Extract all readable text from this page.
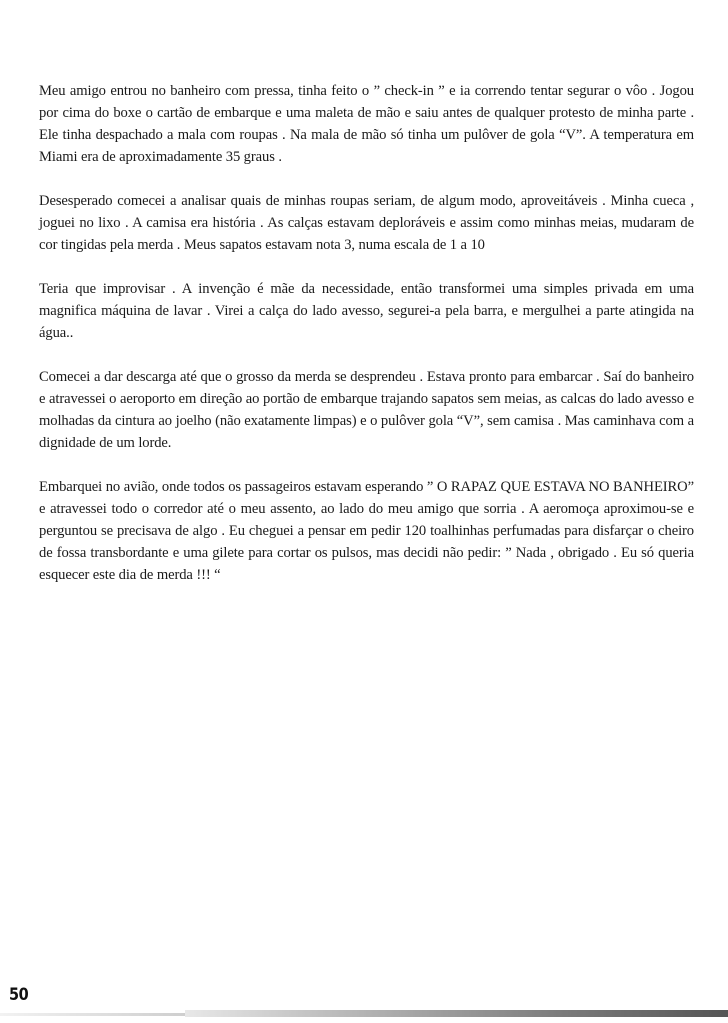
Meu amigo entrou no banheiro com pressa, tinha feito o ” check-in ” e ia correndo tentar segurar o vôo . Jogou por cima do boxe o cartão de embarque e uma maleta de mão e saiu antes de qualquer protesto de minha parte . Ele tinha despachado a mala com roupas . Na mala de mão só tinha um pulôver de gola “V”. A temperatura em Miami era de aproximadamente 35 graus .

Desesperado comecei a analisar quais de minhas roupas seriam, de algum modo, aproveitáveis . Minha cueca , joguei no lixo . A camisa era história . As calças estavam deploráveis e assim como minhas meias, mudaram de cor tingidas pela merda . Meus sapatos estavam nota 3, numa escala de 1 a 10

Teria que improvisar . A invenção é mãe da necessidade, então transformei uma simples privada em uma magnifica máquina de lavar . Virei a calça do lado avesso, segurei-a pela barra, e mergulhei a parte atingida na água..

Comecei a dar descarga até que o grosso da merda se desprendeu . Estava pronto para embarcar . Saí do banheiro e atravessei o aeroporto em direção ao portão de embarque trajando sapatos sem meias, as calcas do lado avesso e molhadas da cintura ao joelho (não exatamente limpas) e o pulôver gola “V”, sem camisa . Mas caminhava com a dignidade de um lorde.

Embarquei no avião, onde todos os passageiros estavam esperando ” O RAPAZ QUE ESTAVA NO BANHEIRO” e atravessei todo o corredor até o meu assento, ao lado do meu amigo que sorria . A aeromoça aproximou-se e perguntou se precisava de algo . Eu cheguei a pensar em pedir 120 toalhinhas perfumadas para disfarçar o cheiro de fossa transbordante e uma gilete para cortar os pulsos, mas decidi não pedir: ” Nada , obrigado . Eu só queria esquecer este dia de merda !!! “

50
